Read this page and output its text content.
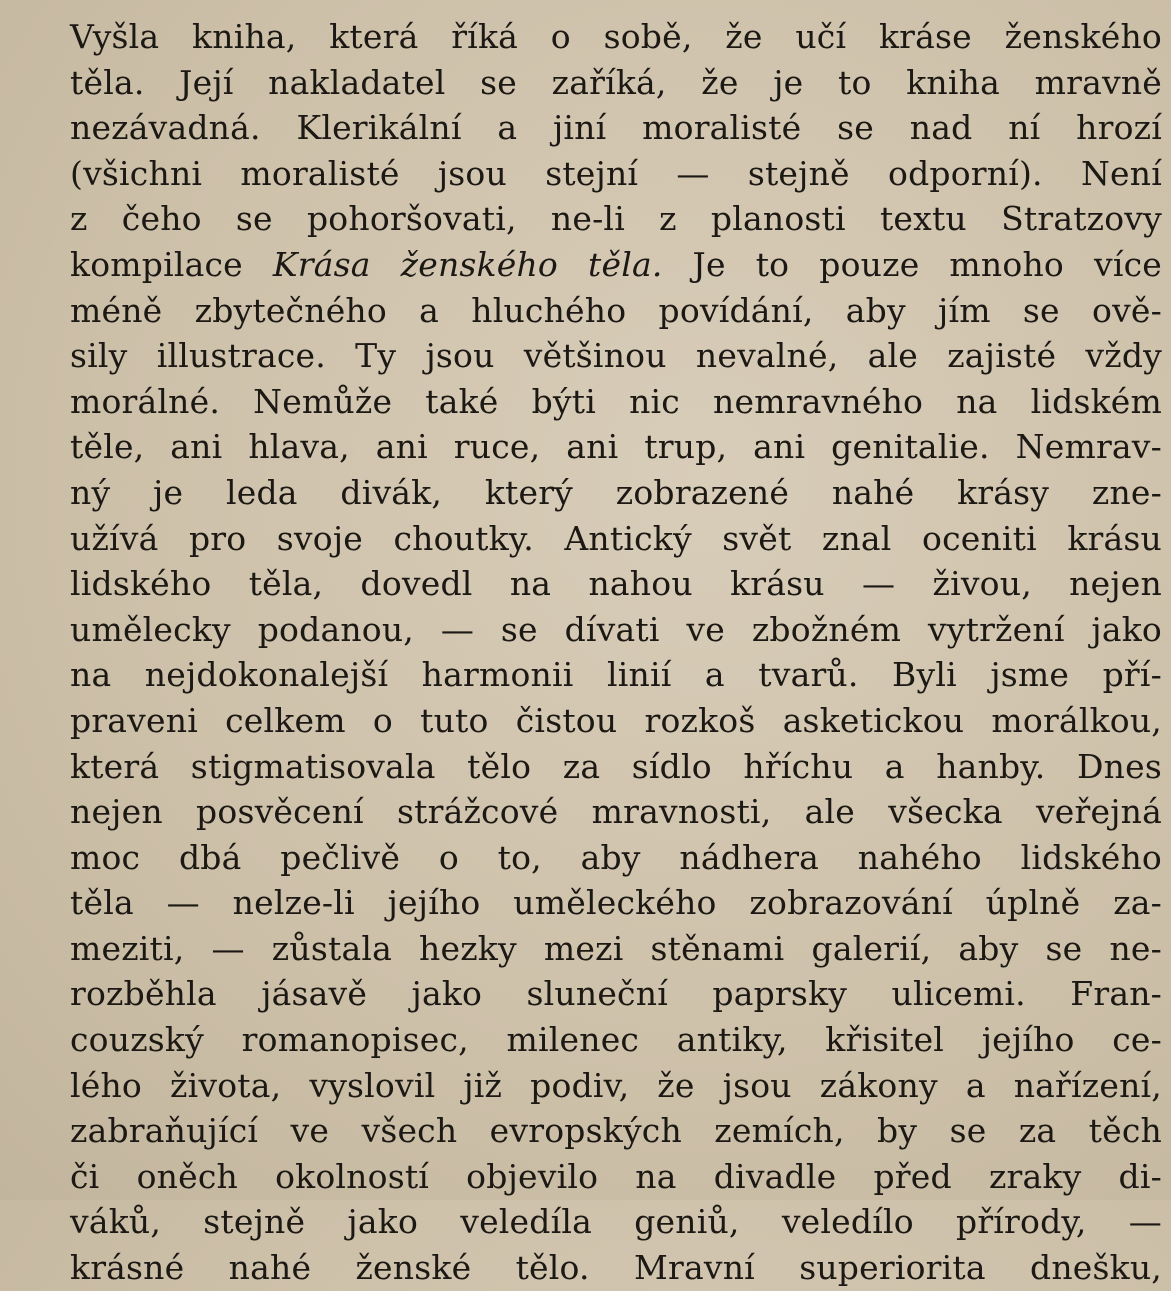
Vyšla kniha, která říká o sobě, že učí kráse ženského
těla. Její nakladatel se zaříká, že je to kniha mravně
nezávadná. Klerikální a jiní moralisté se nad ní hrozí
(všichni moralisté jsou stejní — stejně odporní). Není
z čeho se pohoršovati, ne-li z planosti textu Stratzovy
kompilace Krása ženského těla. Je to pouze mnoho více
méně zbytečného a hluchého povídání, aby jím se ově-
sily illustrace. Ty jsou většinou nevalné, ale zajisté vždy
morálné. Nemůže také býti nic nemravného na lidském
těle, ani hlava, ani ruce, ani trup, ani genitalie. Nemrav-
ný je leda divák, který zobrazené nahé krásy zne-
užívá pro svoje choutky. Antický svět znal oceniti krásu
lidského těla, dovedl na nahou krásu — živou, nejen
umělecky podanou, — se dívati ve zbožném vytržení jako
na nejdokonalejší harmonii linií a tvarů. Byli jsme pří-
praveni celkem o tuto čistou rozkoš asketickou morálkou,
která stigmatisovala tělo za sídlo hříchu a hanby. Dnes
nejen posvěcení strážcové mravnosti, ale všecka veřejná
moc dbá pečlivě o to, aby nádhera nahého lidského
těla — nelze-li jejího uměleckého zobrazování úplně za-
meziti, — zůstala hezky mezi stěnami galerií, aby se ne-
rozběhla jásavě jako sluneční paprsky ulicemi. Fran-
couzský romanopisec, milenec antiky, křisitel jejího ce-
lého života, vyslovil již podiv, že jsou zákony a nařízení,
zabraňující ve všech evropských zemích, by se za těch
či oněch okolností objevilo na divadle před zraky di-
váků, stejně jako veledíla geniů, veledílo přírody, —
krásné nahé ženské tělo. Mravní superiorita dnešku,
